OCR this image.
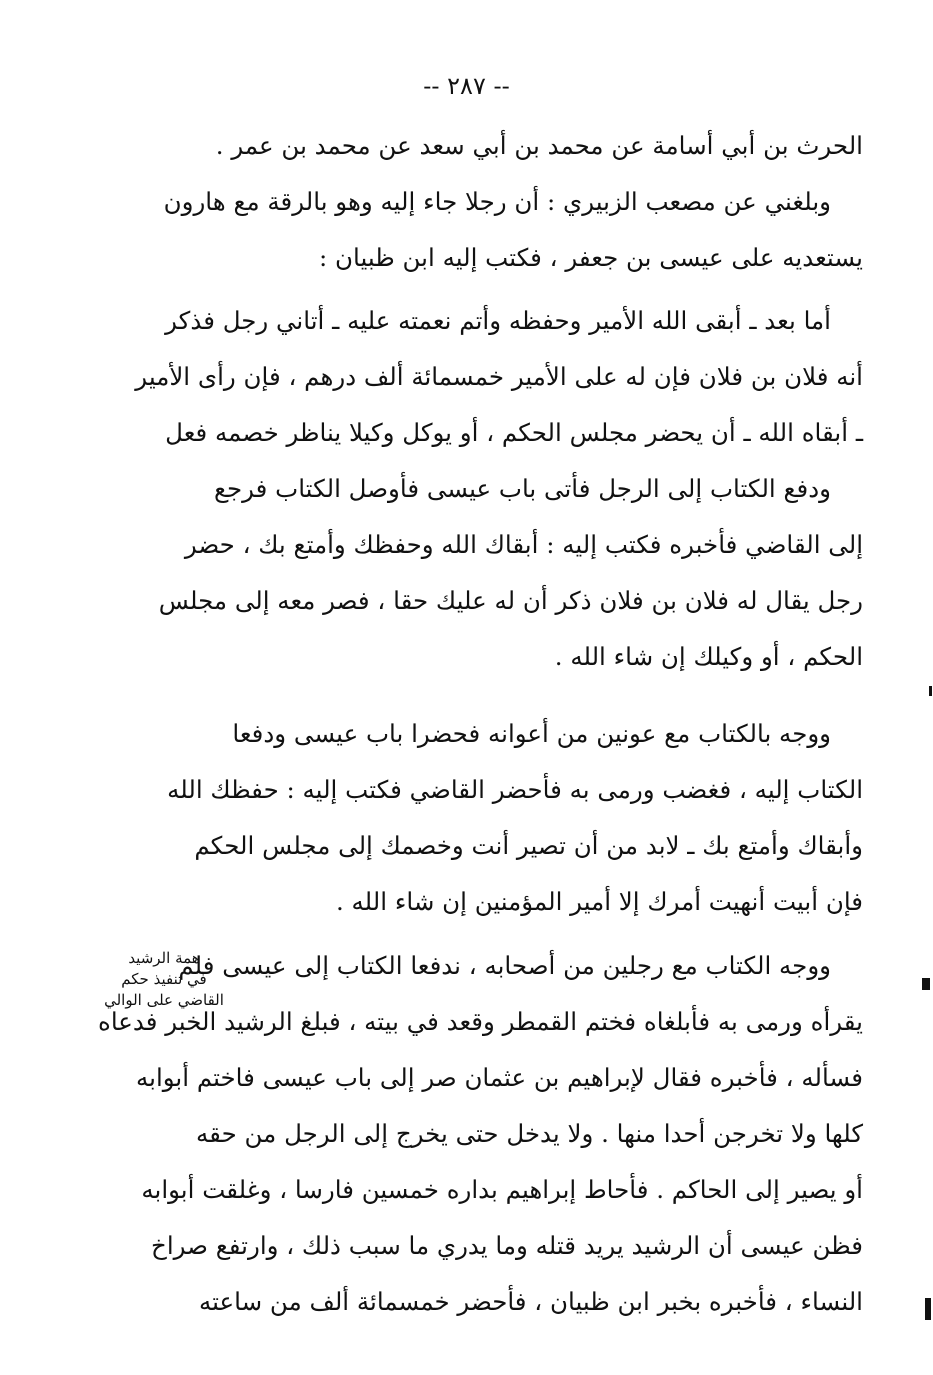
-- ٢٨٧ --
الحرث بن أبي أسامة عن محمد بن أبي سعد عن محمد بن عمر .
وبلغني عن مصعب الزبيري : أن رجلا جاء إليه وهو بالرقة مع هارون
يستعديه على عيسى بن جعفر ، فكتب إليه ابن ظبيان :
أما بعد ـ أبقى الله الأمير وحفظه وأتم نعمته عليه ـ أتاني رجل فذكر
أنه فلان بن فلان فإن له على الأمير خمسمائة ألف درهم ، فإن رأى الأمير
ـ أبقاه الله ـ أن يحضر مجلس الحكم ، أو يوكل وكيلا يناظر خصمه فعل
ودفع الكتاب إلى الرجل فأتى باب عيسى فأوصل الكتاب فرجع
إلى القاضي فأخبره فكتب إليه : أبقاك الله وحفظك وأمتع بك ، حضر
رجل يقال له فلان بن فلان ذكر أن له عليك حقا ، فصر معه إلى مجلس
الحكم ، أو وكيلك إن شاء الله .
ووجه بالكتاب مع عونين من أعوانه فحضرا باب عيسى ودفعا
الكتاب إليه ، فغضب ورمى به فأحضر القاضي فكتب إليه : حفظك الله
وأبقاك وأمتع بك ـ لابد من أن تصير أنت وخصمك إلى مجلس الحكم
فإن أبيت أنهيت أمرك إلا أمير المؤمنين إن شاء الله .
ووجه الكتاب مع رجلين من أصحابه ، ندفعا الكتاب إلى عيسى فلم
يقرأه ورمى به فأبلغاه فختم القمطر وقعد في بيته ، فبلغ الرشيد الخبر فدعاه
فسأله ، فأخبره فقال لإبراهيم بن عثمان صر إلى باب عيسى فاختم أبوابه
كلها ولا تخرجن أحدا منها . ولا يدخل حتى يخرج إلى الرجل من حقه
أو يصير إلى الحاكم . فأحاط إبراهيم بداره خمسين فارسا ، وغلقت أبوابه
فظن عيسى أن الرشيد يريد قتله وما يدري ما سبب ذلك ، وارتفع صراخ
النساء ، فأخبره بخبر ابن ظبيان ، فأحضر خمسمائة ألف من ساعته
همة الرشيد
في تنفيذ حكم
القاضي على الوالي
